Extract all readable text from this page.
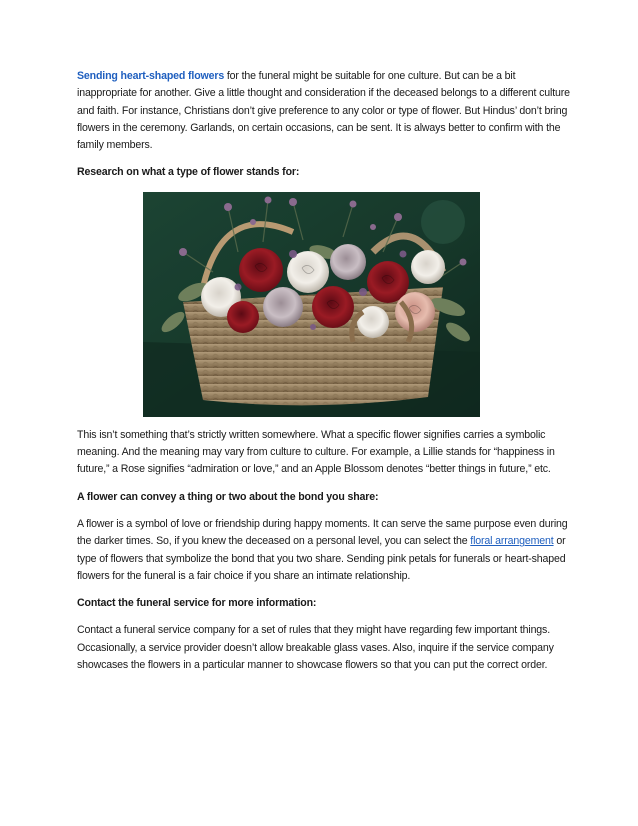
Sending heart-shaped flowers for the funeral might be suitable for one culture. But can be a bit inappropriate for another. Give a little thought and consideration if the deceased belongs to a different culture and faith. For instance, Christians don’t give preference to any color or type of flower. But Hindus’ don’t bring flowers in the ceremony. Garlands, on certain occasions, can be sent. It is always better to confirm with the family members.

Research on what a type of flower stands for:

This isn’t something that’s strictly written somewhere. What a specific flower signifies carries a symbolic meaning. And the meaning may vary from culture to culture. For example, a Lillie stands for “happiness in future,” a Rose signifies “admiration or love,” and an Apple Blossom denotes “better things in future,” etc.

A flower can convey a thing or two about the bond you share:

A flower is a symbol of love or friendship during happy moments. It can serve the same purpose even during the darker times. So, if you knew the deceased on a personal level, you can select the floral arrangement or type of flowers that symbolize the bond that you two share. Sending pink petals for funerals or heart-shaped flowers for the funeral is a fair choice if you share an intimate relationship.

Contact the funeral service for more information:

Contact a funeral service company for a set of rules that they might have regarding few important things. Occasionally, a service provider doesn’t allow breakable glass vases. Also, inquire if the service company showcases the flowers in a particular manner to showcase flowers so that you can put the correct order.
